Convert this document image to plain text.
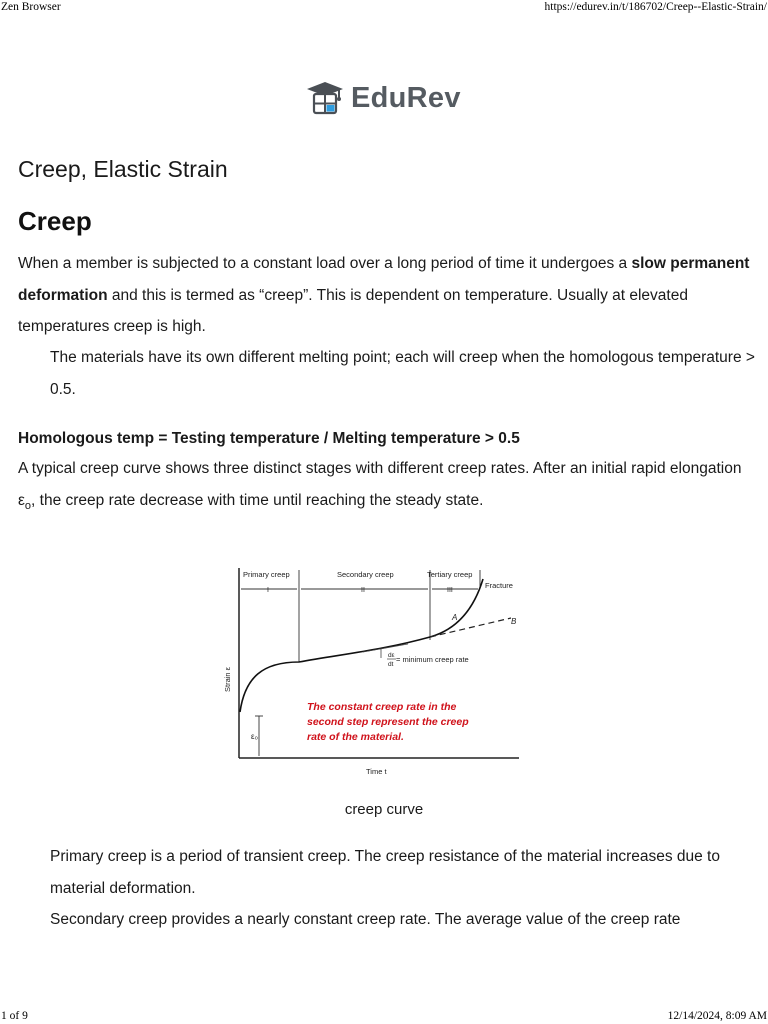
Zen Browser	https://edurev.in/t/186702/Creep--Elastic-Strain/
EduRev
Creep, Elastic Strain
Creep

When a member is subjected to a constant load over a long period of time it undergoes a slow permanent deformation and this is termed as “creep”. This is dependent on temperature. Usually at elevated temperatures creep is high.

The materials have its own different melting point; each will creep when the homologous temperature > 0.5.

Homologous temp = Testing temperature / Melting temperature > 0.5

A typical creep curve shows three distinct stages with different creep rates. After an initial rapid elongation $\varepsilon_o$, the creep rate decrease with time until reaching the steady state.

Primary creep	Secondary creep	Tertiary creep
I	II	III
Fracture
A	B
dε
dt
= minimum creep rate
Strain ε
Time t
ε₀
The constant creep rate in the
second step represent the creep
rate of the material.
creep curve

Primary creep is a period of transient creep. The creep resistance of the material increases due to material deformation.

Secondary creep provides a nearly constant creep rate. The average value of the creep rate

1 of 9	12/14/2024, 8:09 AM
